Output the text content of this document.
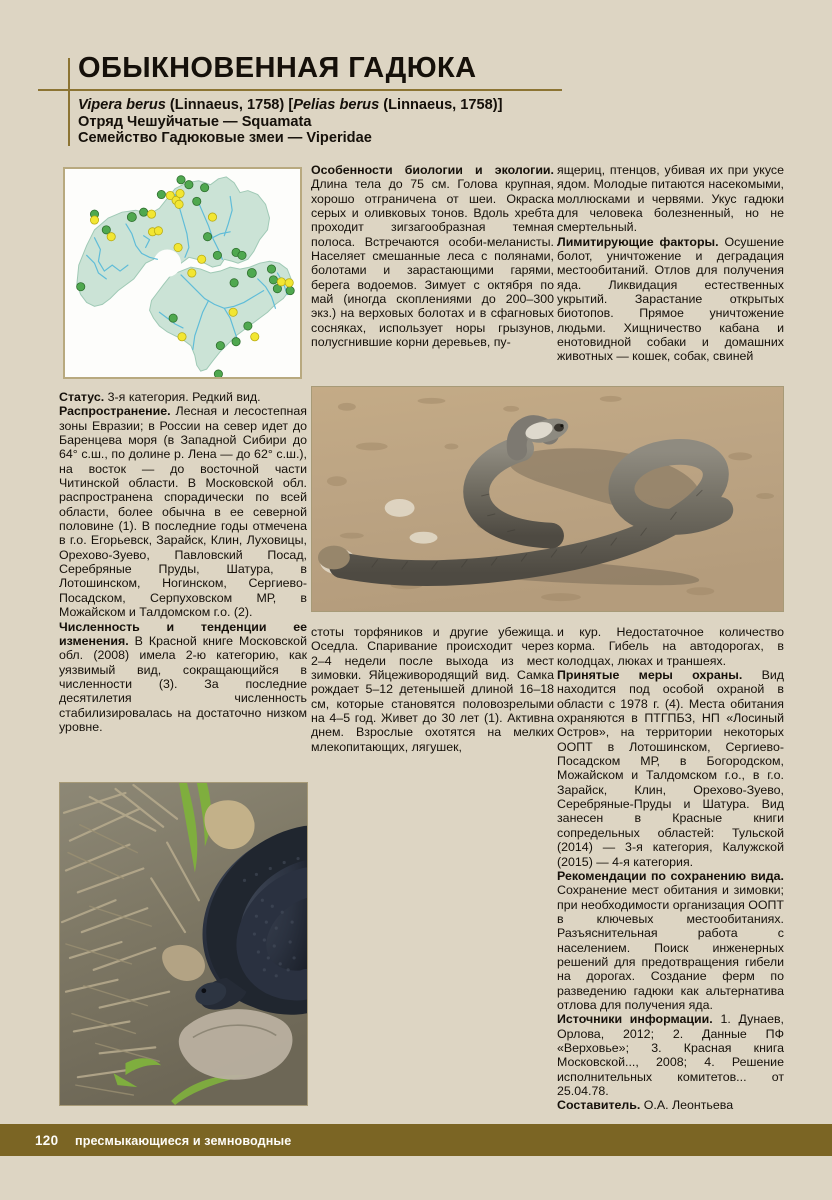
ОБЫКНОВЕННАЯ ГАДЮКА
Vipera berus (Linnaeus, 1758) [Pelias berus (Linnaeus, 1758)]
Отряд Чешуйчатые — Squamata
Семейство Гадюковые змеи — Viperidae

Статус. 3-я категория. Редкий вид.

Распространение. Лесная и лесостепная зоны Евразии; в России на север идет до Баренцева моря (в Западной Сибири до 64° с.ш., по долине р. Лена — до 62° с.ш.), на восток — до восточной части Читинской области. В Московской обл. распространена спорадически по всей области, более обычна в ее северной половине (1). В последние годы отмечена в г.о. Егорьевск, Зарайск, Клин, Луховицы, Орехово-Зуево, Павловский Посад, Серебряные Пруды, Шатура, в Лотошинском, Ногинском, Сергиево-Посадском, Серпуховском МР, в Можайском и Талдомском г.о. (2).

Численность и тенденции ее изменения. В Красной книге Московской обл. (2008) имела 2-ю категорию, как уязвимый вид, сокращающийся в численности (3). За последние десятилетия численность стабилизировалась на достаточно низком уровне.

Особенности биологии и экологии. Длина тела до 75 см. Голова крупная, хорошо отграничена от шеи. Окраска серых и оливковых тонов. Вдоль хребта проходит зигзагообразная темная полоса. Встречаются особи-меланисты. Населяет смешанные леса с полянами, болотами и зарастающими гарями, берега водоемов. Зимует с октября по май (иногда скоплениями до 200–300 экз.) на верховых болотах и в сфагновых сосняках, использует норы грызунов, полусгнившие корни деревьев, пу-

ящериц, птенцов, убивая их при укусе ядом. Молодые питаются насекомыми, моллюсками и червями. Укус гадюки для человека болезненный, но не смертельный.

Лимитирующие факторы. Осушение болот, уничтожение и деградация местообитаний. Отлов для получения яда. Ликвидация естественных укрытий. Зарастание открытых биотопов. Прямое уничтожение людьми. Хищничество кабана и енотовидной собаки и домашних животных — кошек, собак, свиней

стоты торфяников и другие убежища. Оседла. Спаривание происходит через 2–4 недели после выхода из мест зимовки. Яйцеживородящий вид. Самка рождает 5–12 детенышей длиной 16–18 см, которые становятся половозрелыми на 4–5 год. Живет до 30 лет (1). Активна днем. Взрослые охотятся на мелких млекопитающих, лягушек,

и кур. Недостаточное количество корма. Гибель на автодорогах, в колодцах, люках и траншеях.

Принятые меры охраны. Вид находится под особой охраной в области с 1978 г. (4). Места обитания охраняются в ПТГПБЗ, НП «Лосиный Остров», на территории некоторых ООПТ в Лотошинском, Сергиево-Посадском МР, в Богородском, Можайском и Талдомском г.о., в г.о. Зарайск, Клин, Орехово-Зуево, Серебряные-Пруды и Шатура. Вид занесен в Красные книги сопредельных областей: Тульской (2014) — 3-я категория, Калужской (2015) — 4-я категория.

Рекомендации по сохранению вида. Сохранение мест обитания и зимовки; при необходимости организация ООПТ в ключевых местообитаниях. Разъяснительная работа с населением. Поиск инженерных решений для предотвращения гибели на дорогах. Создание ферм по разведению гадюки как альтернатива отлова для получения яда.

Источники информации. 1. Дунаев, Орлова, 2012; 2. Данные ПФ «Верховье»; 3. Красная книга Московской..., 2008; 4. Решение исполнительных комитетов... от 25.04.78.

Составитель. О.А. Леонтьева

120 пресмыкающиеся и земноводные
